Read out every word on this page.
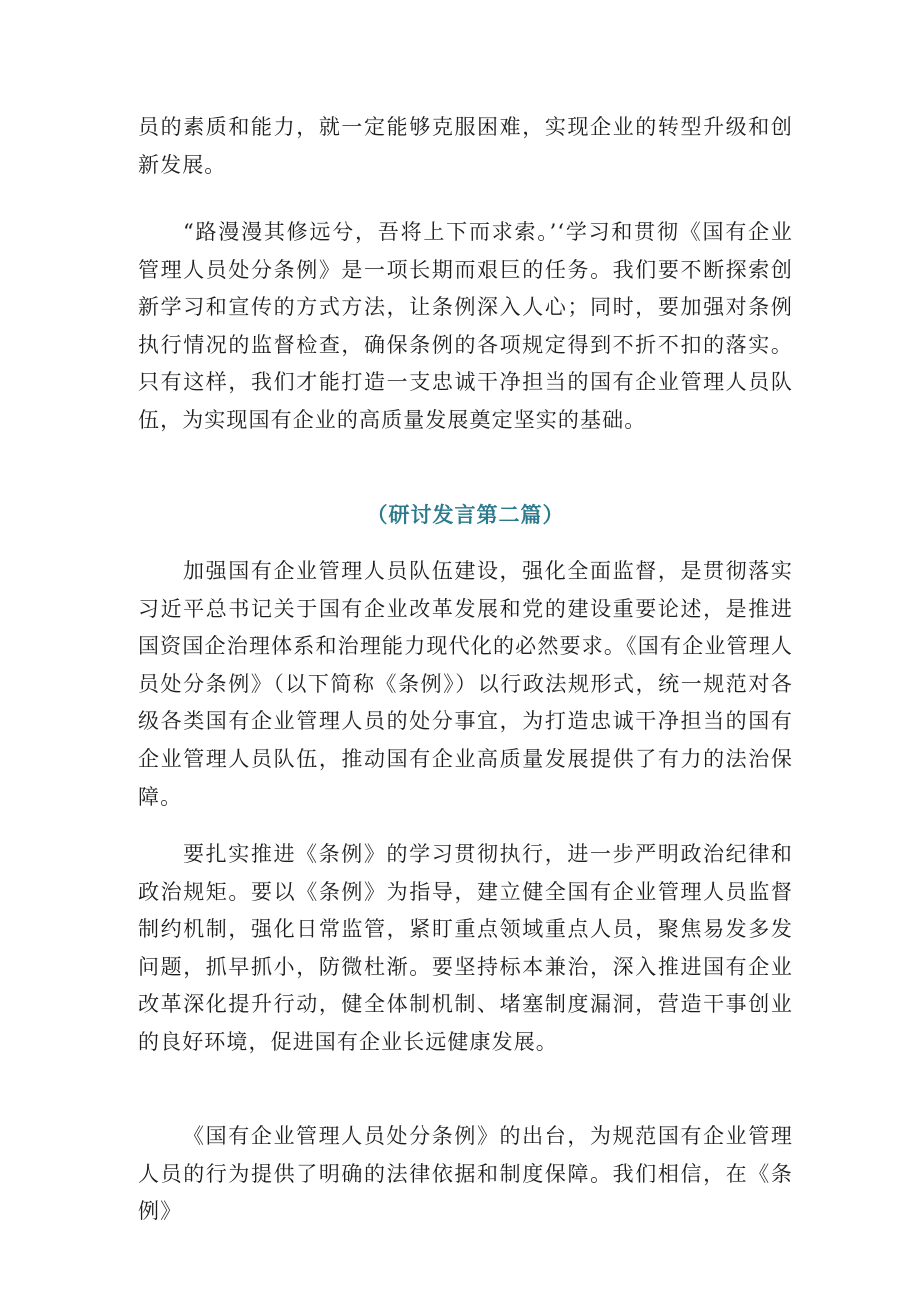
员的素质和能力，就一定能够克服困难，实现企业的转型升级和创新发展。

“路漫漫其修远兮，吾将上下而求索。’‘学习和贯彻《国有企业管理人员处分条例》是一项长期而艰巨的任务。我们要不断探索创新学习和宣传的方式方法，让条例深入人心；同时，要加强对条例执行情况的监督检查，确保条例的各项规定得到不折不扣的落实。只有这样，我们才能打造一支忠诚干净担当的国有企业管理人员队伍，为实现国有企业的高质量发展奠定坚实的基础。

（研讨发言第二篇）

加强国有企业管理人员队伍建设，强化全面监督，是贯彻落实习近平总书记关于国有企业改革发展和党的建设重要论述，是推进国资国企治理体系和治理能力现代化的必然要求。《国有企业管理人员处分条例》（以下简称《条例》）以行政法规形式，统一规范对各级各类国有企业管理人员的处分事宜，为打造忠诚干净担当的国有企业管理人员队伍，推动国有企业高质量发展提供了有力的法治保障。

要扎实推进《条例》的学习贯彻执行，进一步严明政治纪律和政治规矩。要以《条例》为指导，建立健全国有企业管理人员监督制约机制，强化日常监管，紧盯重点领域重点人员，聚焦易发多发问题，抓早抓小，防微杜渐。要坚持标本兼治，深入推进国有企业改革深化提升行动，健全体制机制、堵塞制度漏洞，营造干事创业的良好环境，促进国有企业长远健康发展。

《国有企业管理人员处分条例》的出台，为规范国有企业管理人员的行为提供了明确的法律依据和制度保障。我们相信，在《条例》
